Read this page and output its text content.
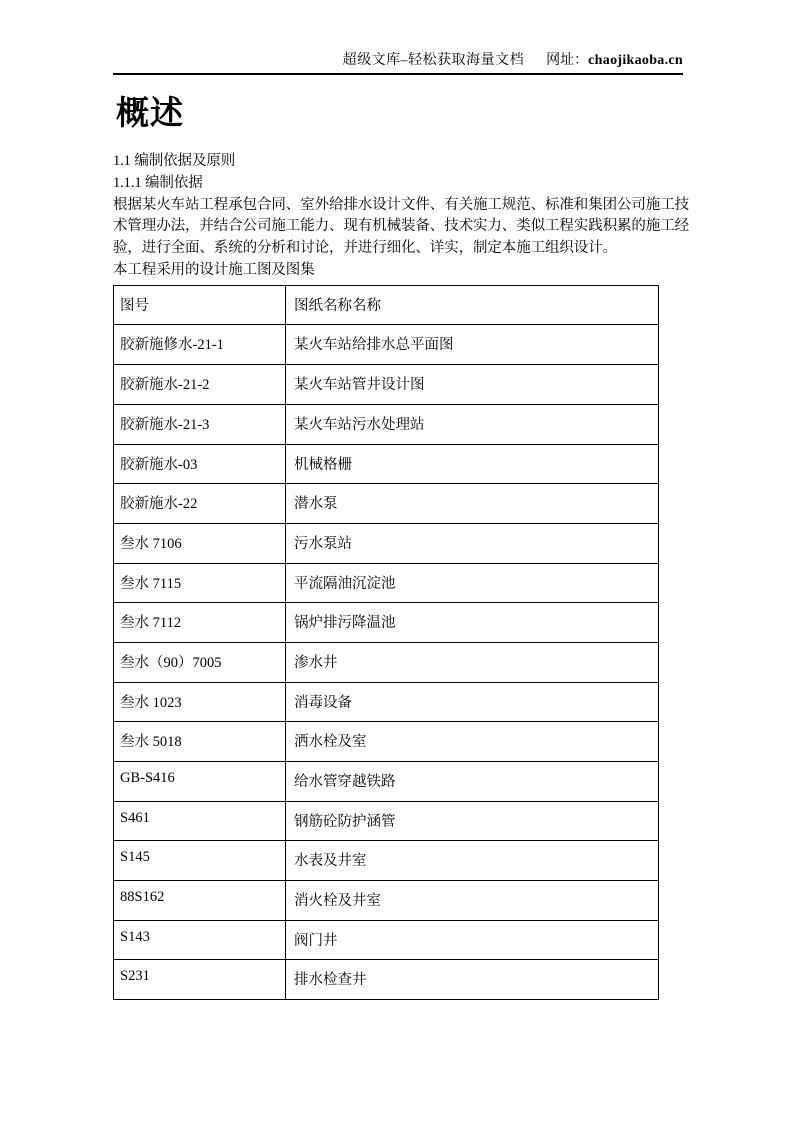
超级文库–轻松获取海量文档 网址：chaojikaoba.cn
概述
1.1 编制依据及原则
1.1.1 编制依据
根据某火车站工程承包合同、室外给排水设计文件、有关施工规范、标准和集团公司施工技
术管理办法，并结合公司施工能力、现有机械装备、技术实力、类似工程实践积累的施工经
验，进行全面、系统的分析和讨论，并进行细化、详实，制定本施工组织设计。
本工程采用的设计施工图及图集
图号	图纸名称名称
胶新施修水-21-1	某火车站给排水总平面图
胶新施水-21-2	某火车站管井设计图
胶新施水-21-3	某火车站污水处理站
胶新施水-03	机械格栅
胶新施水-22	潜水泵
叁水 7106	污水泵站
叁水 7115	平流隔油沉淀池
叁水 7112	锅炉排污降温池
叁水（90）7005	渗水井
叁水 1023	消毒设备
叁水 5018	洒水栓及室
GB-S416	给水管穿越铁路
S461	钢筋砼防护涵管
S145	水表及井室
88S162	消火栓及井室
S143	阀门井
S231	排水检查井
